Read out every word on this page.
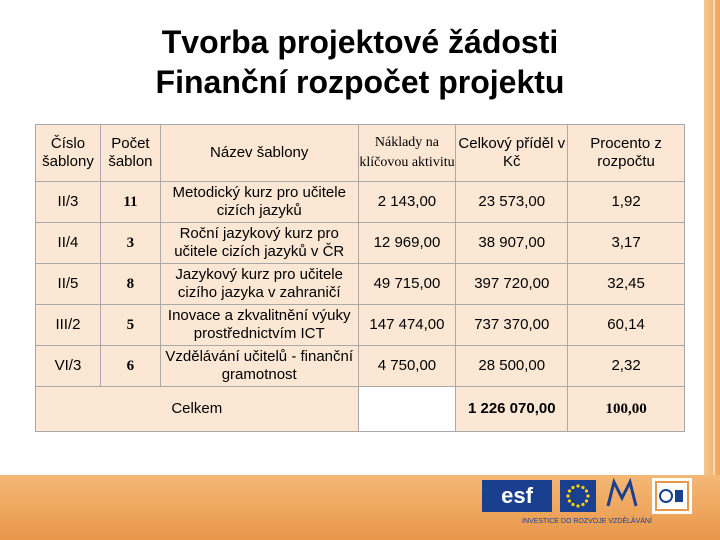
Tvorba projektové žádosti
Finanční rozpočet projektu
Číslo šablony	Počet šablon	Název šablony	Náklady na klíčovou aktivitu	Celkový příděl v Kč	Procento z rozpočtu
II/3	11	Metodický kurz pro učitele cizích jazyků	2 143,00	23 573,00	1,92
II/4	3	Roční jazykový kurz pro učitele cizích jazyků v ČR	12 969,00	38 907,00	3,17
II/5	8	Jazykový kurz pro učitele cizího jazyka v zahraničí	49 715,00	397 720,00	32,45
III/2	5	Inovace a zkvalitnění výuky prostřednictvím ICT	147 474,00	737 370,00	60,14
VI/3	6	Vzdělávání učitelů - finanční gramotnost	4 750,00	28 500,00	2,32
Celkem				1 226 070,00	100,00
esf
INVESTICE DO ROZVOJE VZDĚLÁVÁNÍ
